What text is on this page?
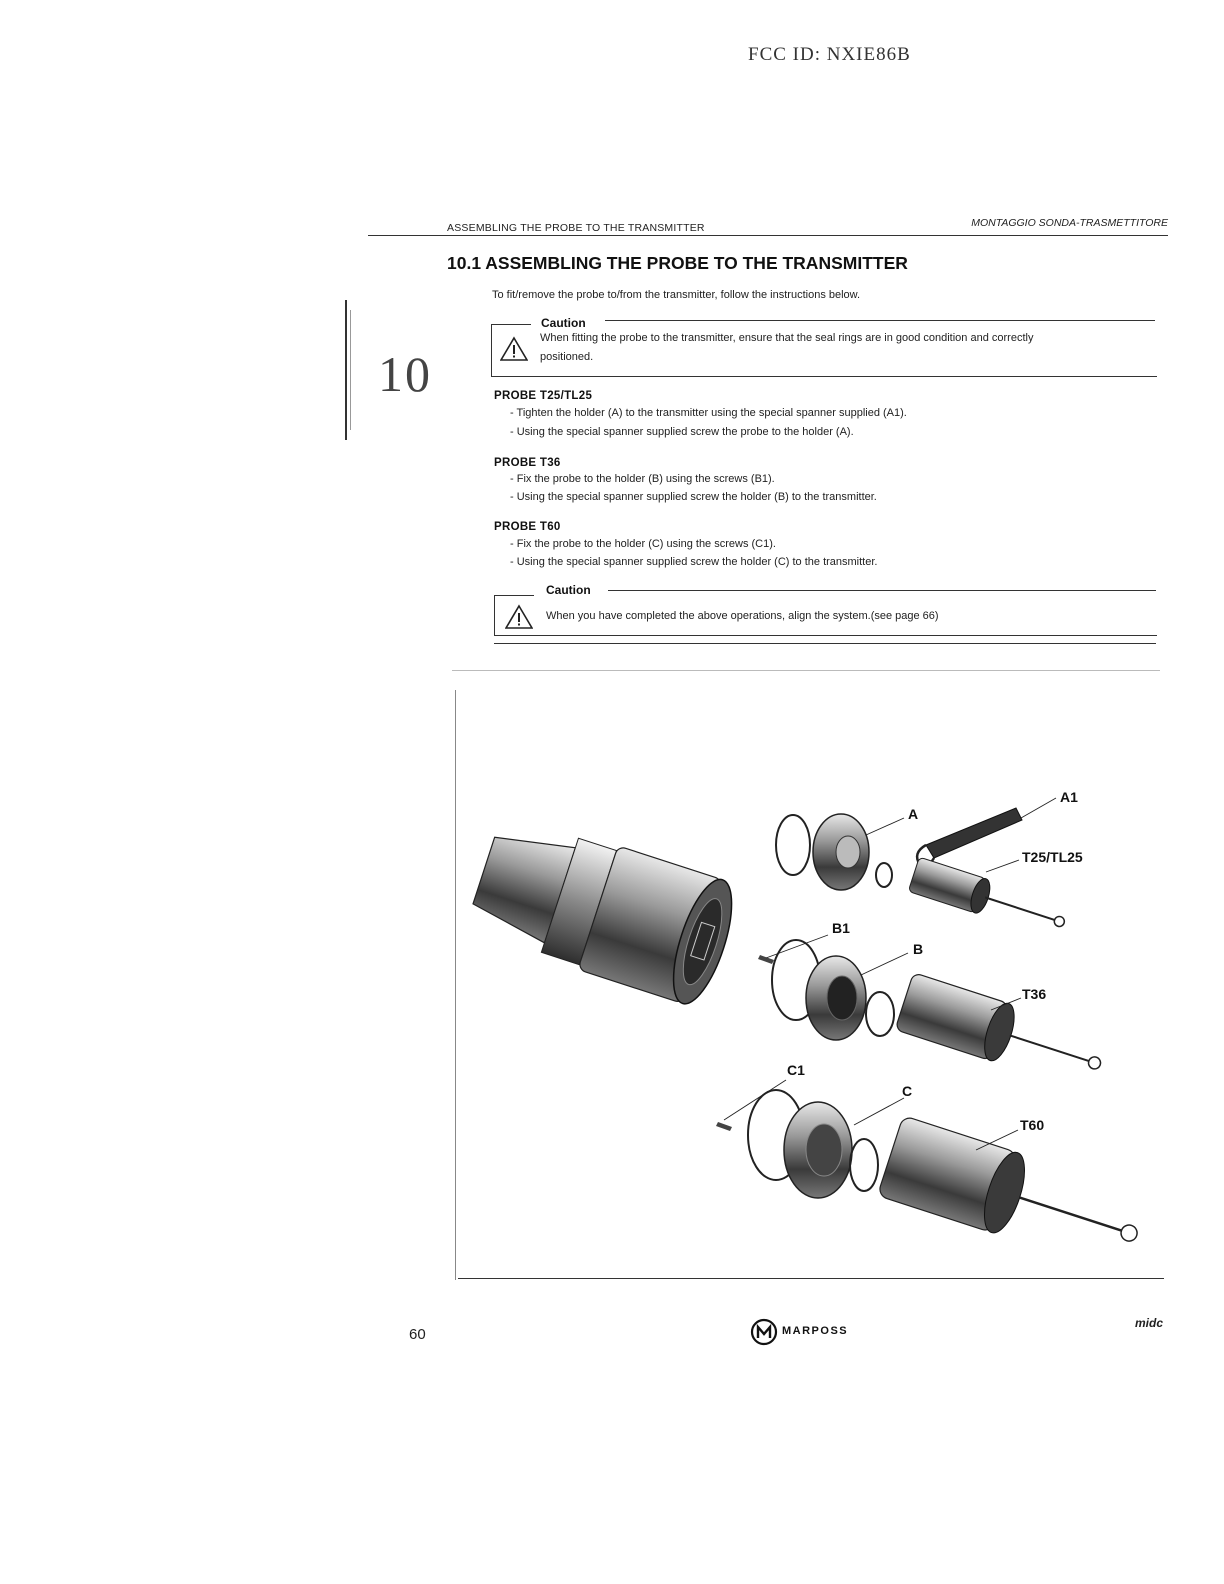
FCC ID: NXIE86B
ASSEMBLING THE PROBE TO THE TRANSMITTER	MONTAGGIO SONDA-TRASMETTITORE
10
10.1 ASSEMBLING THE PROBE TO THE TRANSMITTER
To fit/remove the probe to/from the transmitter, follow the instructions below.
Caution
When fitting the probe to the transmitter, ensure that the seal rings are in good condition and correctly
positioned.
PROBE T25/TL25
- Tighten the holder (A) to the transmitter using the special spanner supplied (A1).
- Using the special spanner supplied screw the probe to the holder (A).
PROBE T36
- Fix the probe to the holder (B) using the screws (B1).
- Using the special spanner supplied screw the holder (B) to the transmitter.
PROBE T60
- Fix the probe to the holder (C) using the screws (C1).
- Using the special spanner supplied screw the holder (C) to the transmitter.
Caution
When you have completed the above operations, align the system.(see page 66)
A1
A
T25/TL25
B1
B
T36
C1
C
T60
60	MARPOSS
midc
